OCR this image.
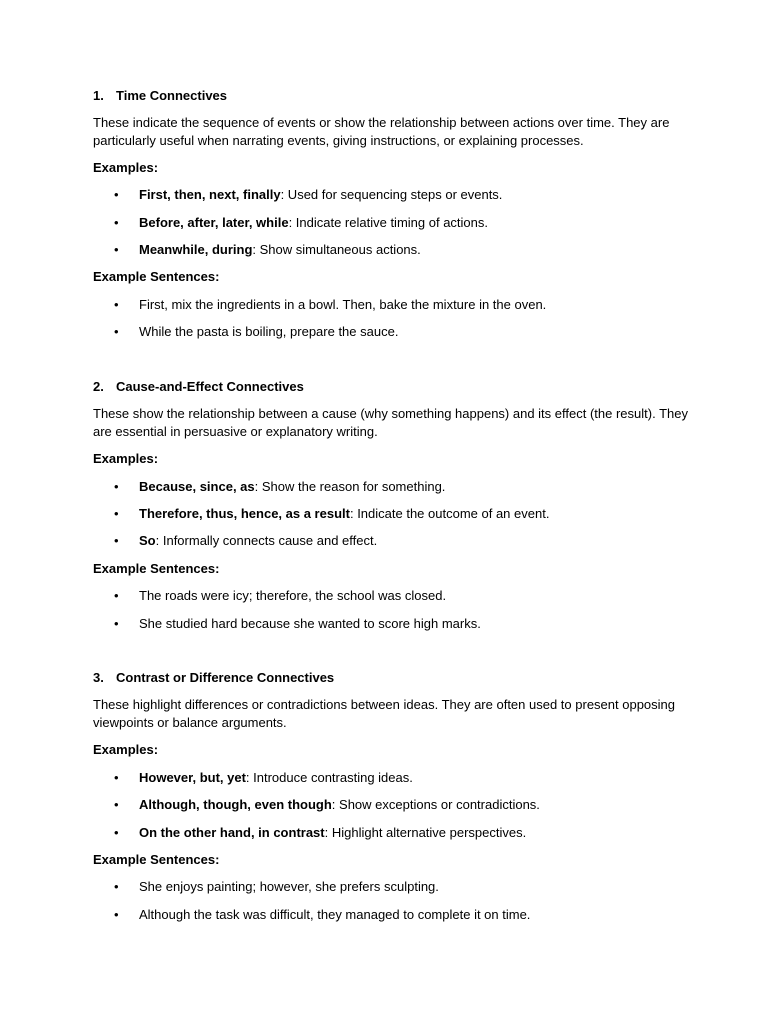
1. Time Connectives
These indicate the sequence of events or show the relationship between actions over time. They are particularly useful when narrating events, giving instructions, or explaining processes.
Examples:
• First, then, next, finally: Used for sequencing steps or events.
• Before, after, later, while: Indicate relative timing of actions.
• Meanwhile, during: Show simultaneous actions.
Example Sentences:
• First, mix the ingredients in a bowl. Then, bake the mixture in the oven.
• While the pasta is boiling, prepare the sauce.
2. Cause-and-Effect Connectives
These show the relationship between a cause (why something happens) and its effect (the result). They are essential in persuasive or explanatory writing.
Examples:
• Because, since, as: Show the reason for something.
• Therefore, thus, hence, as a result: Indicate the outcome of an event.
• So: Informally connects cause and effect.
Example Sentences:
• The roads were icy; therefore, the school was closed.
• She studied hard because she wanted to score high marks.
3. Contrast or Difference Connectives
These highlight differences or contradictions between ideas. They are often used to present opposing viewpoints or balance arguments.
Examples:
• However, but, yet: Introduce contrasting ideas.
• Although, though, even though: Show exceptions or contradictions.
• On the other hand, in contrast: Highlight alternative perspectives.
Example Sentences:
• She enjoys painting; however, she prefers sculpting.
• Although the task was difficult, they managed to complete it on time.
